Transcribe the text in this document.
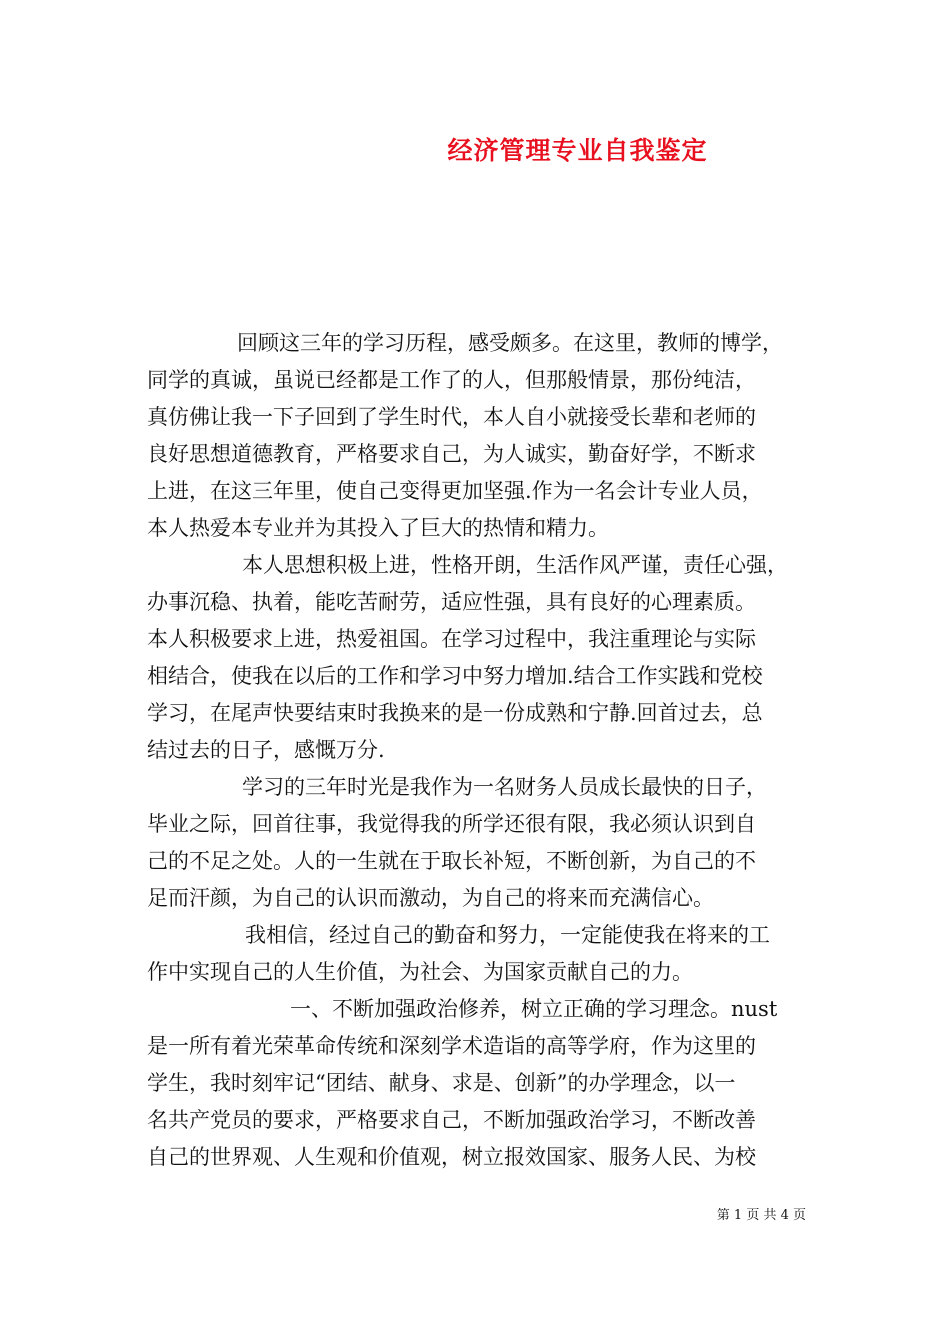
经济管理专业自我鉴定
回顾这三年的学习历程，感受颇多。在这里，教师的博学，
同学的真诚，虽说已经都是工作了的人，但那般情景，那份纯洁，
真仿佛让我一下子回到了学生时代，本人自小就接受长辈和老师的
良好思想道德教育，严格要求自己，为人诚实，勤奋好学，不断求
上进，在这三年里，使自己变得更加坚强.作为一名会计专业人员，
本人热爱本专业并为其投入了巨大的热情和精力。
本人思想积极上进，性格开朗，生活作风严谨，责任心强，
办事沉稳、执着，能吃苦耐劳，适应性强，具有良好的心理素质。
本人积极要求上进，热爱祖国。在学习过程中，我注重理论与实际
相结合，使我在以后的工作和学习中努力增加.结合工作实践和党校
学习，在尾声快要结束时我换来的是一份成熟和宁静.回首过去，总
结过去的日子，感慨万分.
学习的三年时光是我作为一名财务人员成长最快的日子，
毕业之际，回首往事，我觉得我的所学还很有限，我必须认识到自
己的不足之处。人的一生就在于取长补短，不断创新，为自己的不
足而汗颜，为自己的认识而激动，为自己的将来而充满信心。
我相信，经过自己的勤奋和努力，一定能使我在将来的工
作中实现自己的人生价值，为社会、为国家贡献自己的力。
一、不断加强政治修养，树立正确的学习理念。nust
是一所有着光荣革命传统和深刻学术造诣的高等学府，作为这里的
学生，我时刻牢记“团结、献身、求是、创新”的办学理念，以一
名共产党员的要求，严格要求自己，不断加强政治学习，不断改善
自己的世界观、人生观和价值观，树立报效国家、服务人民、为校
第 1 页 共 4 页
